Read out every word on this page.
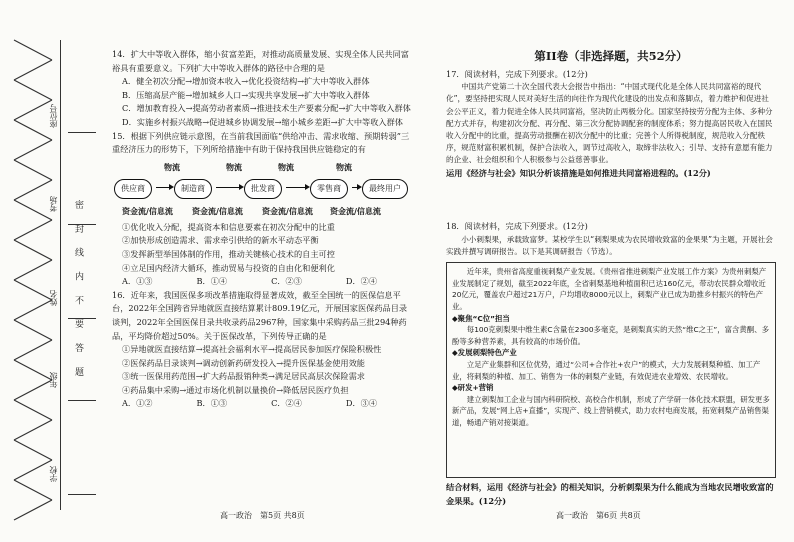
学校
年级
姓名
考场
座位号
密 封 线 内 不 要 答 题

14．扩大中等收入群体，缩小贫富差距，对推动高质量发展、实现全体人民共同富裕具有重要意义。下列扩大中等收入群体的路径中合理的是

A．健全初次分配→增加资本收入→优化投资结构→扩大中等收入群体

B．压缩高层产能→增加城乡人口→实现共享发展→扩大中等收入群体

C．增加教育投入→提高劳动者素质→推进技术生产要素分配→扩大中等收入群体

D．实施乡村振兴战略→促进城乡协调发展→缩小城乡差距→扩大中等收入群体

15．根据下列供应链示意图，在当前我国面临“供给冲击、需求收缩、预期转弱”三重经济压力的形势下，下列所给措施中有助于保持我国供应链稳定的有

物流	物流	物流	物流
供应商	制造商	批发商	零售商	最终用户
资金流/信息流 资金流/信息流 资金流/信息流 资金流/信息流

①优化收入分配，提高资本和信息要素在初次分配中的比重

②加快形成创造需求、需求牵引供给的新水平动态平衡

③发挥新型举国体制的作用，推动关键核心技术的自主可控

④立足国内经济大循环，推动贸易与投资的自由化和便利化

A．①③	B．①④	C．②③	D．②④

16．近年来，我国医保多项改革措施取得显著成效，截至全国统一的医保信息平台，2022年全国跨省异地就医直接结算累计809.19亿元，开展国家医保药品目录谈判，2022年全国医保目录共收录药品2967种，国家集中采购药品三批294种药品，平均降价超过50%。关于医保改革，下列传导正确的是

①异地就医直接结算→提高社会福利水平→提高居民参加医疗保险积极性

②医保药品目录谈判→调动创新药研发投入→提升医保基金使用效能

③统一医保用药范围→扩大药品报销种类→满足居民高层次保险需求

④药品集中采购→通过市场化机制以量换价→降低居民医疗负担

A．①②	B．①③	C．②④	D．③④
第II卷（非选择题，共52分）

17．阅读材料，完成下列要求。(12分)

中国共产党第二十次全国代表大会报告中指出：“中国式现代化是全体人民共同富裕的现代化”，要坚持把实现人民对美好生活的向往作为现代化建设的出发点和落脚点，着力维护和促进社会公平正义，着力促进全体人民共同富裕，坚决防止两极分化。国家坚持按劳分配为主体、多种分配方式并存，构建初次分配、再分配、第三次分配协调配套的制度体系；努力提高居民收入在国民收入分配中的比重，提高劳动报酬在初次分配中的比重；完善个人所得税制度，规范收入分配秩序，规范财富积累机制，保护合法收入，调节过高收入，取缔非法收入；引导、支持有意愿有能力的企业、社会组织和个人积极参与公益慈善事业。

运用《经济与社会》知识分析该措施是如何推进共同富裕进程的。(12分)

18．阅读材料，完成下列要求。(12分)

小小刺梨果，承载致富梦。某校学生以“刺梨果成为农民增收致富的金果果”为主题，开展社会实践并撰写调研报告。以下是其调研报告（节选）。

近年来，贵州省高度重视刺梨产业发展。《贵州省推进刺梨产业发展工作方案》为贵州刺梨产业发展制定了规划，截至2022年底，全省刺梨基地种植面积已达160亿元，带动农民群众增收近20亿元，覆盖农户超过21万户，户均增收8000元以上，刺梨产业已成为助推乡村振兴的特色产业。

◆聚焦“C位”担当

每100克刺梨果中维生素C含量在2300多毫克，是刺梨真实的天然“维C之王”，富含黄酮、多酚等多种营养素，具有较高的市场价值。

◆发展刺梨特色产业

立足产业集群和区位优势，通过“公司+合作社+农户”的模式，大力发展刺梨种植、加工产业，将刺梨的种植、加工、销售为一体的刺梨产业链，有效促进农业增效、农民增收。

◆研发+营销

建立刺梨加工企业与国内科研院校、高校合作机制，形成了产学研一体化技术联盟，研发更多新产品，发展“网上店+直播”，实现产、线上营销模式，助力农村电商发展，拓宽刺梨产品销售渠道，畅通产销对接渠道。

结合材料，运用《经济与社会》的相关知识，分析刺梨果为什么能成为当地农民增收致富的金果果。(12分)

高一政治　第5页 共8页	高一政治　第6页 共8页
